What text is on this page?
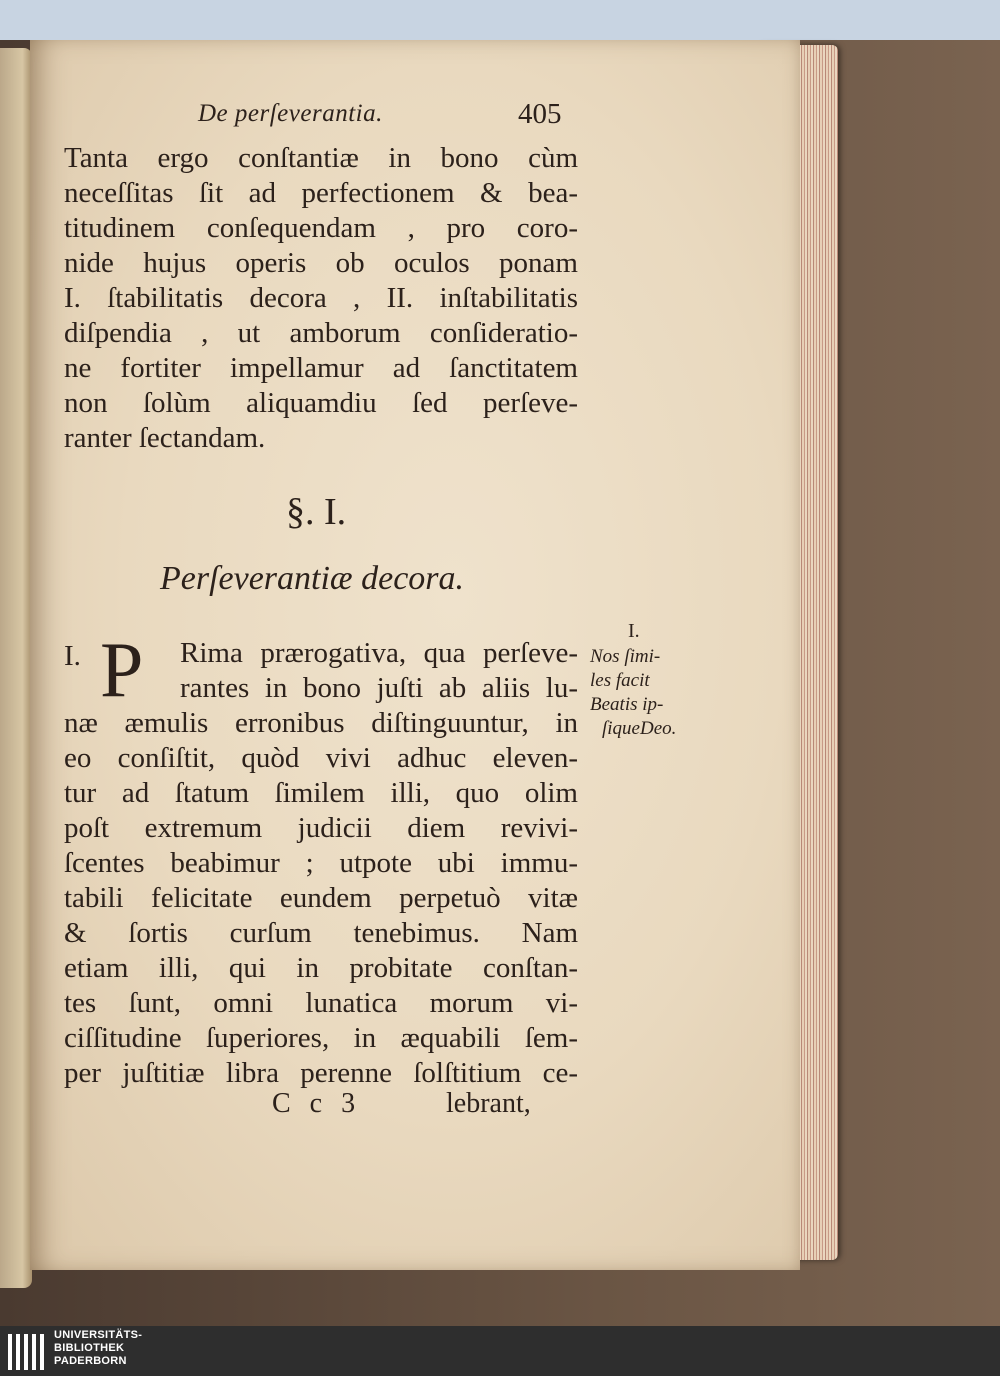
De perſeverantia.	405
Tanta ergo conſtantiæ in bono cùm
neceſſitas ſit ad perfectionem & bea-
titudinem conſequendam , pro coro-
nide hujus operis ob oculos ponam
I. ſtabilitatis decora , II. inſtabilitatis
diſpendia , ut amborum conſideratio-
ne fortiter impellamur ad ſanctitatem
non ſolùm aliquamdiu ſed perſeve-
ranter ſectandam.
§. I.
Perſeverantiæ decora.
I. P Rima prærogativa, qua perſeve-
rantes in bono juſti ab aliis lu-
næ æmulis erronibus diſtinguuntur, in
eo conſiſtit, quòd vivi adhuc eleven-
tur ad ſtatum ſimilem illi, quo olim
poſt extremum judicii diem revivi-
ſcentes beabimur ; utpote ubi immu-
tabili felicitate eundem perpetuò vitæ
& ſortis curſum tenebimus. Nam
etiam illi, qui in probitate conſtan-
tes ſunt, omni lunatica morum vi-
ciſſitudine ſuperiores, in æquabili ſem-
per juſtitiæ libra perenne ſolſtitium ce-
I.
Nos ſimi-
les facit
Beatis ip-
ſiqueDeo.
C c 3	lebrant,
UNIVERSITÄTS-
BIBLIOTHEK
PADERBORN
